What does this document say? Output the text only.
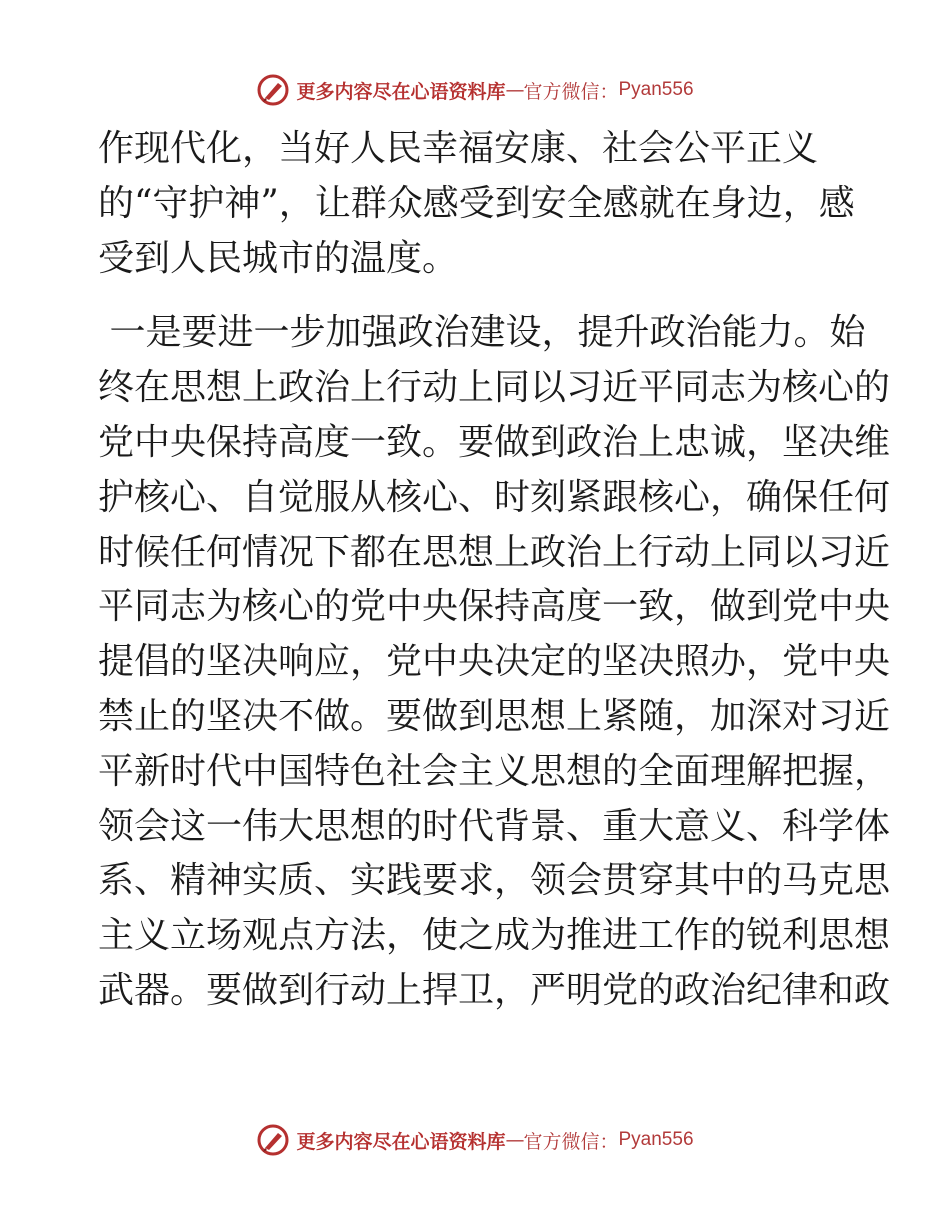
更多内容尽在心语资料库 — 官方微信： Pyan556
作现代化，当好人民幸福安康、社会公平正义
的“守护神”，让群众感受到安全感就在身边，感
受到人民城市的温度。
一是要进一步加强政治建设，提升政治能力。始
终在思想上政治上行动上同以习近平同志为核心的
党中央保持高度一致。要做到政治上忠诚，坚决维
护核心、自觉服从核心、时刻紧跟核心，确保任何
时候任何情况下都在思想上政治上行动上同以习近
平同志为核心的党中央保持高度一致，做到党中央
提倡的坚决响应，党中央决定的坚决照办，党中央
禁止的坚决不做。要做到思想上紧随，加深对习近
平新时代中国特色社会主义思想的全面理解把握，
领会这一伟大思想的时代背景、重大意义、科学体
系、精神实质、实践要求，领会贯穿其中的马克思
主义立场观点方法，使之成为推进工作的锐利思想
武器。要做到行动上捍卫，严明党的政治纪律和政
更多内容尽在心语资料库 — 官方微信： Pyan556
